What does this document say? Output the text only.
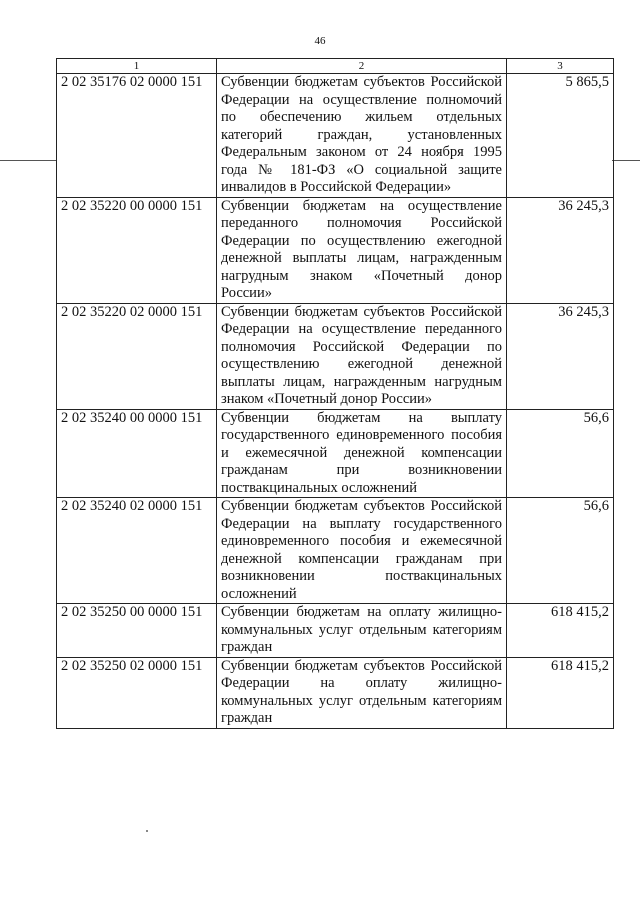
46
1	2	3
2 02 35176 02 0000 151	Субвенции бюджетам субъектов Российской Федерации на осуществление полномочий по обеспечению жильем отдельных категорий граждан, установленных Федеральным законом от 24 ноября 1995 года № 181-ФЗ «О социальной защите инвалидов в Российской Федерации»	5 865,5
2 02 35220 00 0000 151	Субвенции бюджетам на осуществление переданного полномочия Российской Федерации по осуществлению ежегодной денежной выплаты лицам, награжденным нагрудным знаком «Почетный донор России»	36 245,3
2 02 35220 02 0000 151	Субвенции бюджетам субъектов Российской Федерации на осуществление переданного полномочия Российской Федерации по осуществлению ежегодной денежной выплаты лицам, награжденным нагрудным знаком «Почетный донор России»	36 245,3
2 02 35240 00 0000 151	Субвенции бюджетам на выплату государственного единовременного пособия и ежемесячной денежной компенсации гражданам при возникновении поствакцинальных осложнений	56,6
2 02 35240 02 0000 151	Субвенции бюджетам субъектов Российской Федерации на выплату государственного единовременного пособия и ежемесячной денежной компенсации гражданам при возникновении поствакцинальных осложнений	56,6
2 02 35250 00 0000 151	Субвенции бюджетам на оплату жилищно-коммунальных услуг отдельным категориям граждан	618 415,2
2 02 35250 02 0000 151	Субвенции бюджетам субъектов Российской Федерации на оплату жилищно-коммунальных услуг отдельным категориям граждан	618 415,2
